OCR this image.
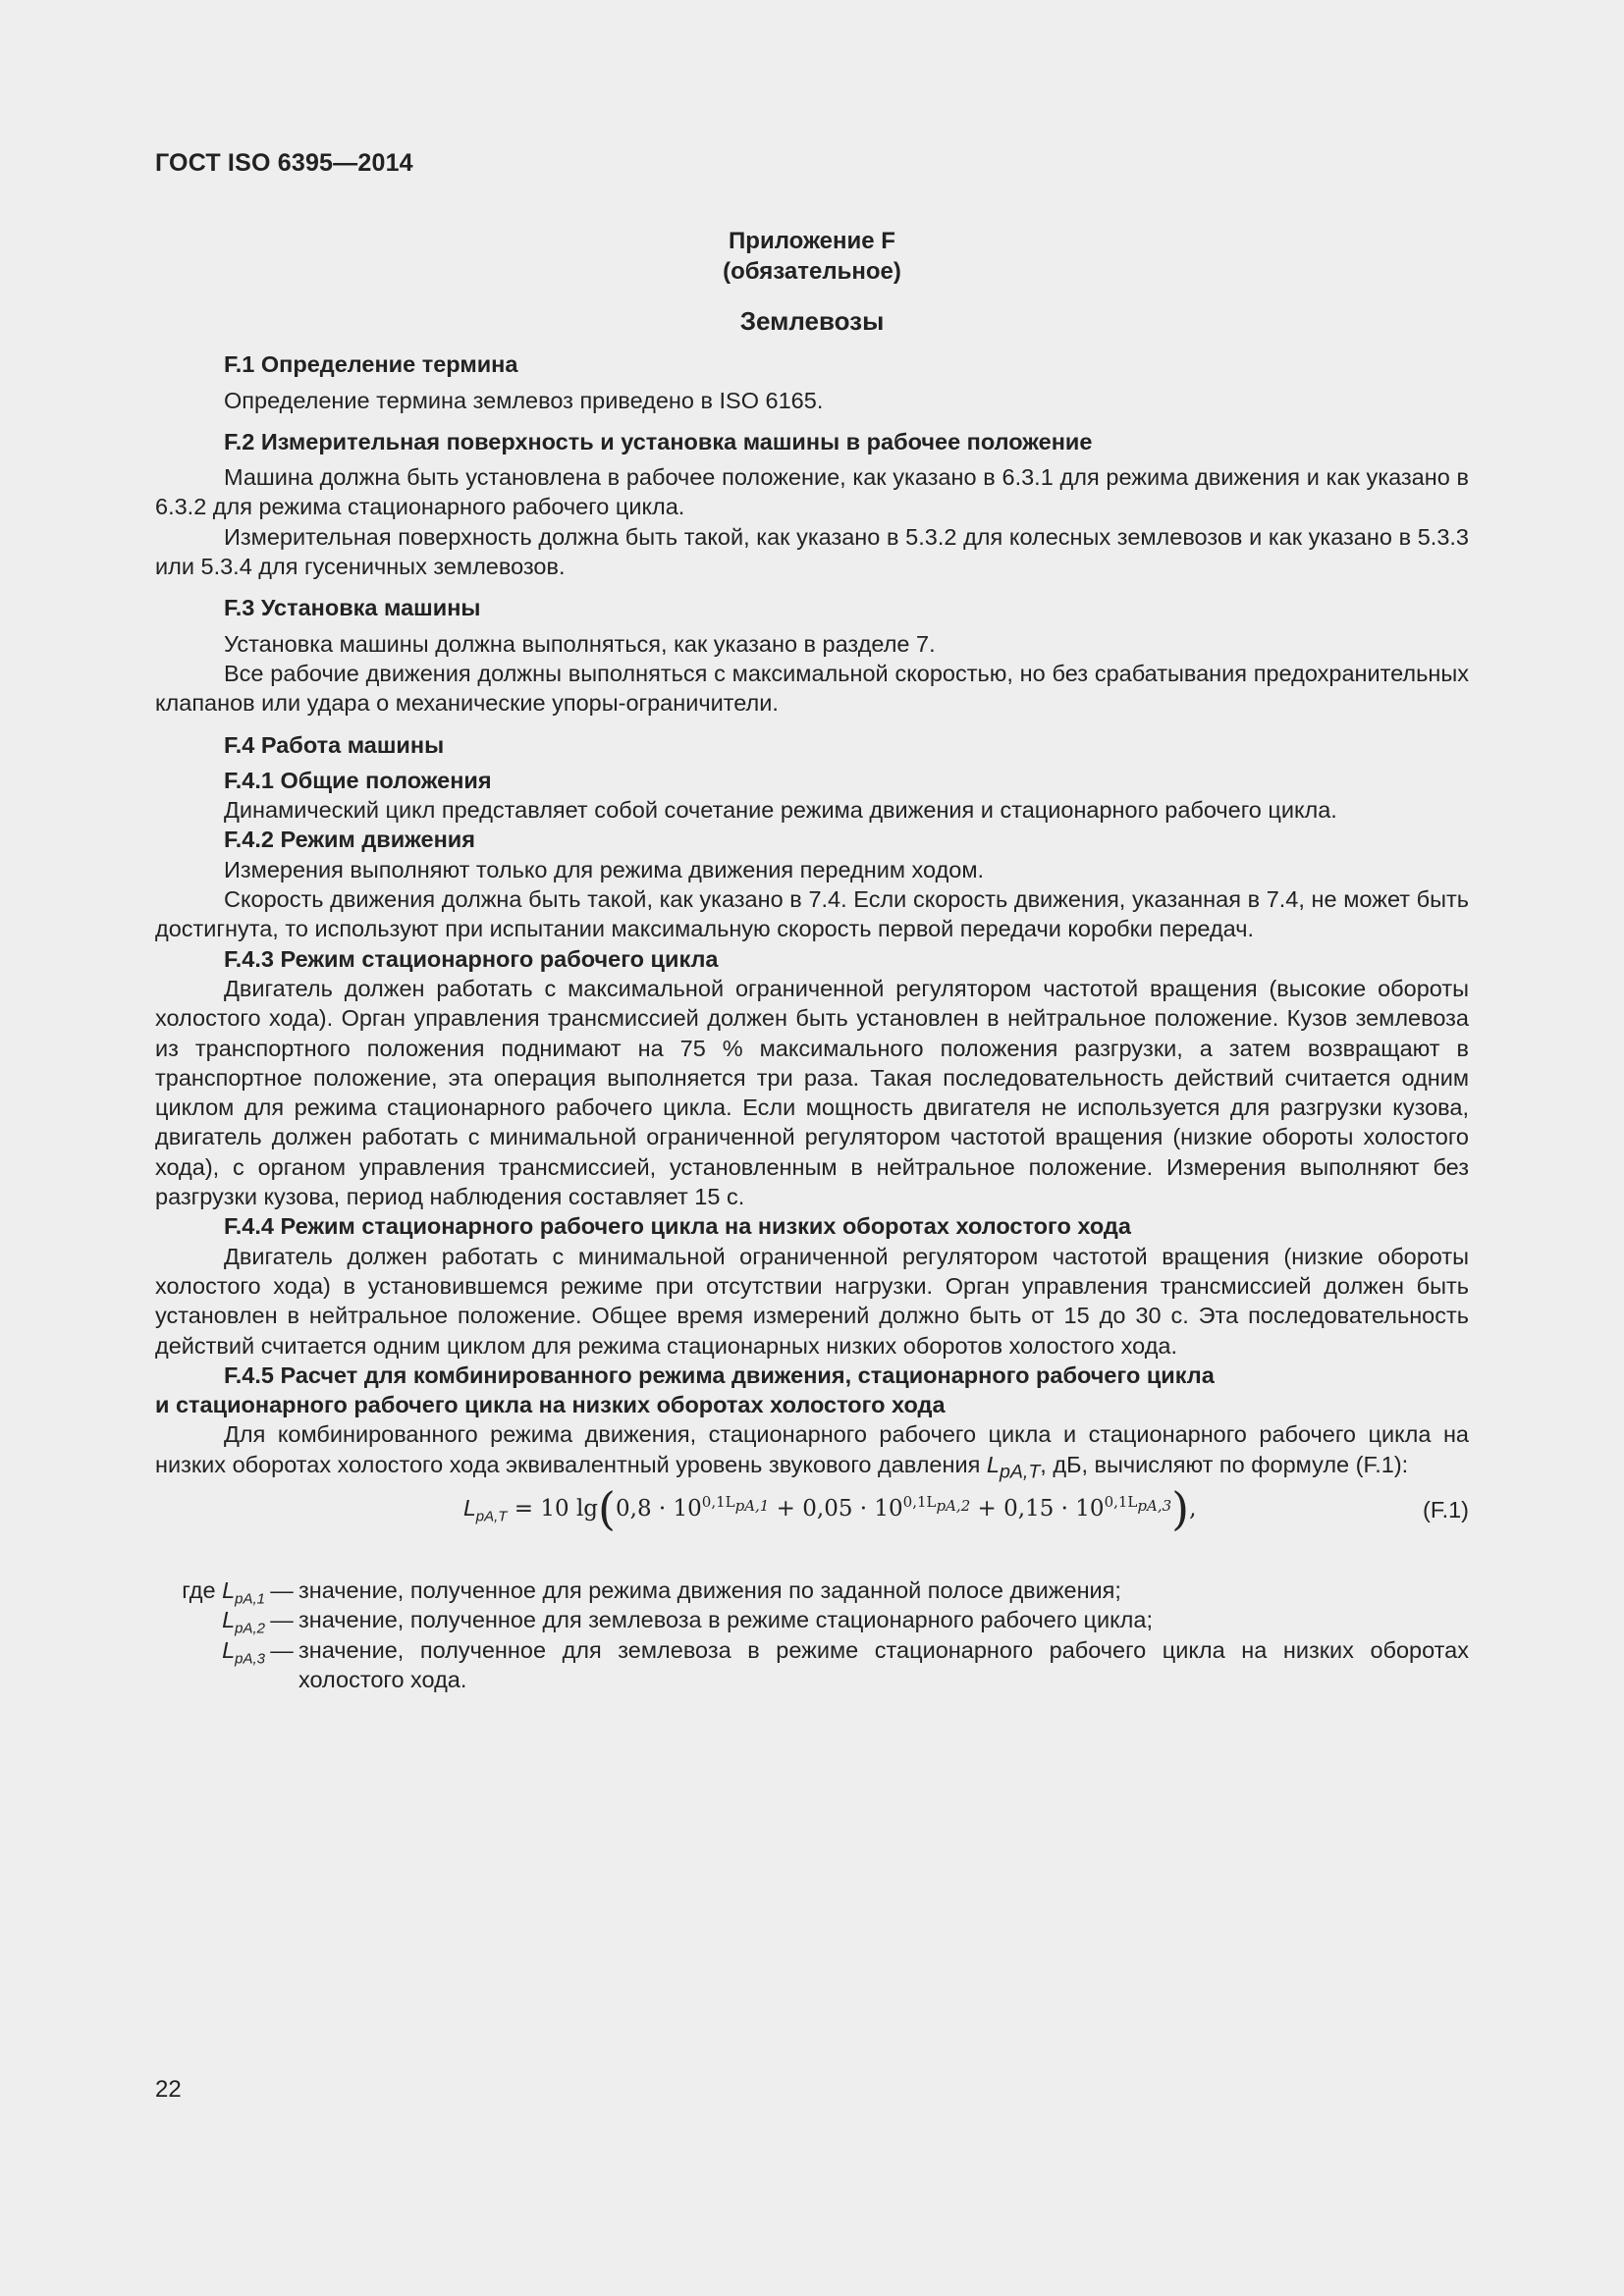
ГОСТ ISO 6395—2014
Приложение F
(обязательное)
Землевозы
F.1 Определение термина

Определение термина землевоз приведено в ISO 6165.

F.2 Измерительная поверхность и установка машины в рабочее положение

Машина должна быть установлена в рабочее положение, как указано в 6.3.1 для режима движения и как указано в 6.3.2 для режима стационарного рабочего цикла.

Измерительная поверхность должна быть такой, как указано в 5.3.2 для колесных землевозов и как указано в 5.3.3 или 5.3.4 для гусеничных землевозов.

F.3 Установка машины

Установка машины должна выполняться, как указано в разделе 7.

Все рабочие движения должны выполняться с максимальной скоростью, но без срабатывания предохранительных клапанов или удара о механические упоры-ограничители.

F.4 Работа машины
F.4.1 Общие положения

Динамический цикл представляет собой сочетание режима движения и стационарного рабочего цикла.

F.4.2 Режим движения

Измерения выполняют только для режима движения передним ходом.

Скорость движения должна быть такой, как указано в 7.4. Если скорость движения, указанная в 7.4, не может быть достигнута, то используют при испытании максимальную скорость первой передачи коробки передач.

F.4.3 Режим стационарного рабочего цикла

Двигатель должен работать с максимальной ограниченной регулятором частотой вращения (высокие обороты холостого хода). Орган управления трансмиссией должен быть установлен в нейтральное положение. Кузов землевоза из транспортного положения поднимают на 75 % максимального положения разгрузки, а затем возвращают в транспортное положение, эта операция выполняется три раза. Такая последовательность действий считается одним циклом для режима стационарного рабочего цикла. Если мощность двигателя не используется для разгрузки кузова, двигатель должен работать с минимальной ограниченной регулятором частотой вращения (низкие обороты холостого хода), с органом управления трансмиссией, установленным в нейтральное положение. Измерения выполняют без разгрузки кузова, период наблюдения составляет 15 с.

F.4.4 Режим стационарного рабочего цикла на низких оборотах холостого хода

Двигатель должен работать с минимальной ограниченной регулятором частотой вращения (низкие обороты холостого хода) в установившемся режиме при отсутствии нагрузки. Орган управления трансмиссией должен быть установлен в нейтральное положение. Общее время измерений должно быть от 15 до 30 с. Эта последовательность действий считается одним циклом для режима стационарных низких оборотов холостого хода.

F.4.5 Расчет для комбинированного режима движения, стационарного рабочего цикла
и стационарного рабочего цикла на низких оборотах холостого хода

Для комбинированного режима движения, стационарного рабочего цикла и стационарного рабочего цикла на низких оборотах холостого хода эквивалентный уровень звукового давления $L_{pA,T}$, дБ, вычисляют по формуле (F.1):

$L_{pA,T} = 10$ $\lg(0,8 \cdot 10^{0,1L_{pA,1}} + 0,05 \cdot 10^{0,1L_{pA,2}} + 0,15 \cdot 10^{0,1L_{pA,3}})$,	(F.1)
где $L_{pA,1}$ — значение, полученное для режима движения по заданной полосе движения;
$L_{pA,2}$ — значение, полученное для землевоза в режиме стационарного рабочего цикла;
$L_{pA,3}$ — значение, полученное для землевоза в режиме стационарного рабочего цикла на низких оборотах холостого хода.
22
